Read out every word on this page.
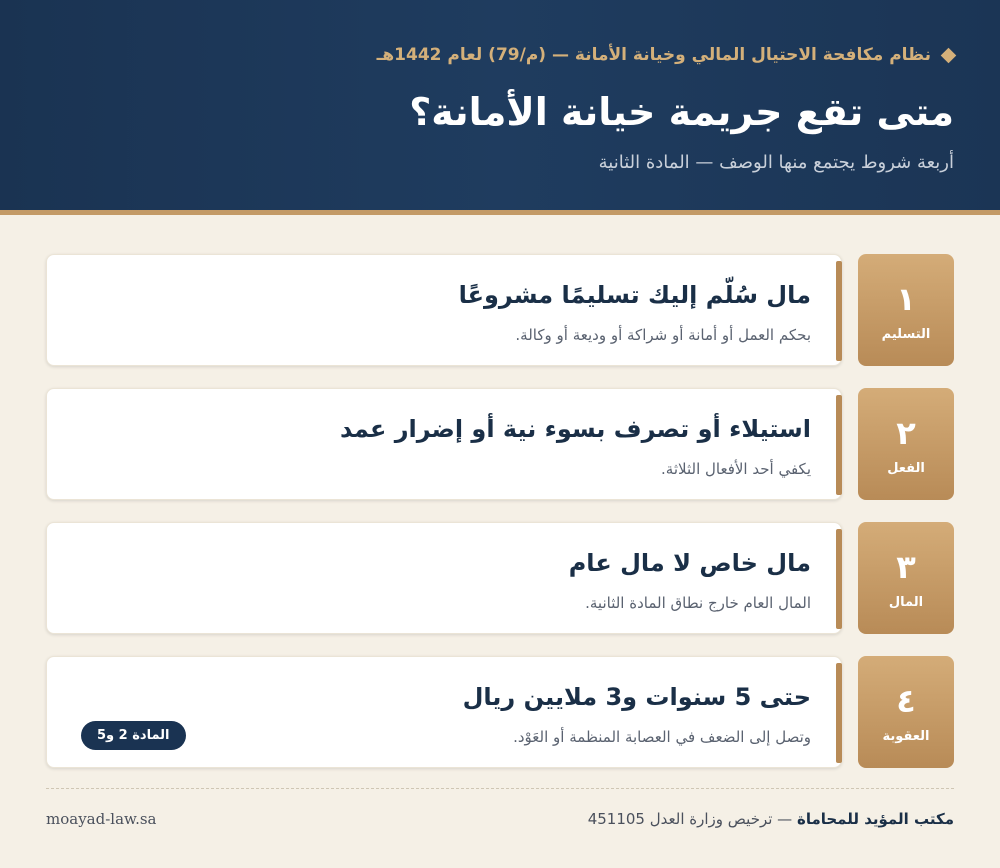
نظام مكافحة الاحتيال المالي وخيانة الأمانة — (م/79) لعام 1442هـ
متى تقع جريمة خيانة الأمانة؟
أربعة شروط يجتمع منها الوصف — المادة الثانية
١
التسليم
مال سُلّم إليك تسليمًا مشروعًا
بحكم العمل أو أمانة أو شراكة أو وديعة أو وكالة.
٢
الفعل
استيلاء أو تصرف بسوء نية أو إضرار عمد
يكفي أحد الأفعال الثلاثة.
٣
المال
مال خاص لا مال عام
المال العام خارج نطاق المادة الثانية.
٤
العقوبة
حتى 5 سنوات و3 ملايين ريال
وتصل إلى الضعف في العصابة المنظمة أو العَوْد.
المادة 2 و5
مكتب المؤيد للمحاماة — ترخيص وزارة العدل 451105
moayad-law.sa
